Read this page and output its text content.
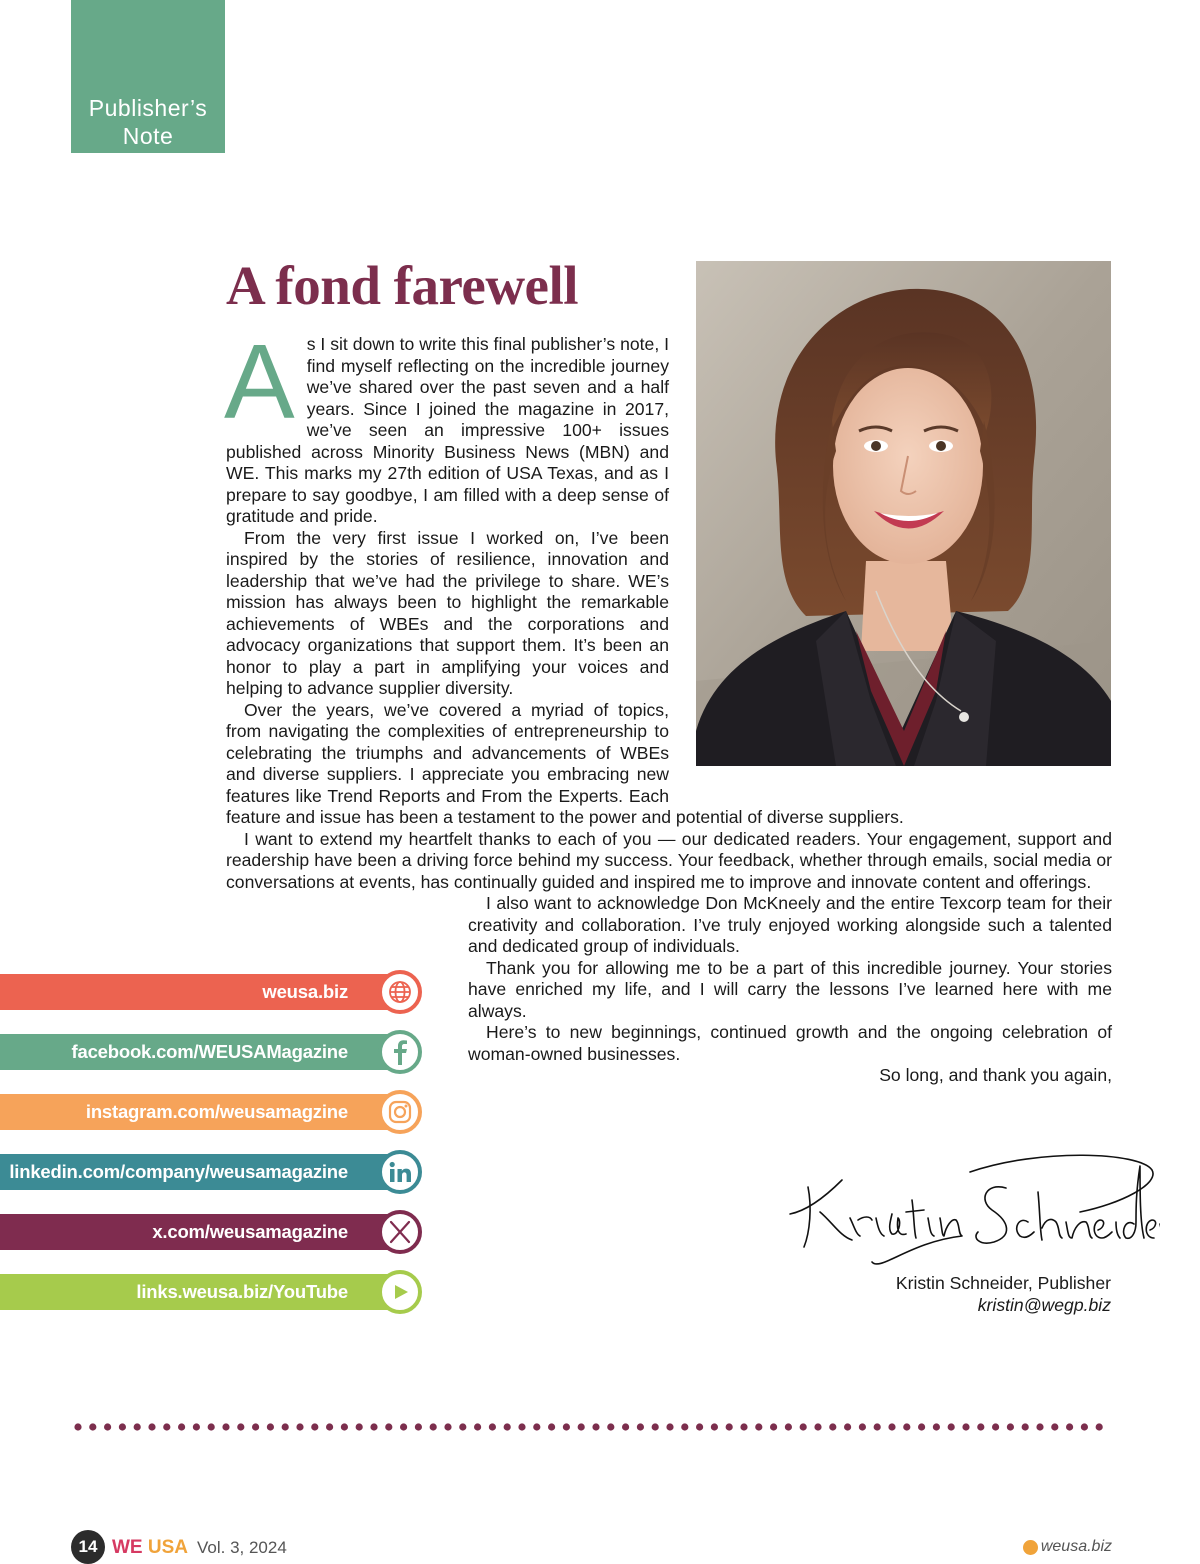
Publisher’s
Note
A fond farewell

As I sit down to write this final publisher’s note, I find myself reflecting on the incredible journey we’ve shared over the past seven and a half years. Since I joined the magazine in 2017, we’ve seen an impressive 100+ issues published across Minority Business News (MBN) and WE. This marks my 27th edition of USA Texas, and as I prepare to say goodbye, I am filled with a deep sense of gratitude and pride.

From the very first issue I worked on, I’ve been inspired by the stories of resilience, innovation and leadership that we’ve had the privilege to share. WE’s mission has always been to highlight the remarkable achievements of WBEs and the corporations and advocacy organizations that support them. It’s been an honor to play a part in amplifying your voices and helping to advance supplier diversity.

Over the years, we’ve covered a myriad of topics, from navigating the complexities of entrepreneurship to celebrating the triumphs and advancements of WBEs and diverse suppliers. I appreciate you embracing new features like Trend Reports and From the Experts. Each feature and issue has been a testament to the power and potential of diverse suppliers.

I want to extend my heartfelt thanks to each of you — our dedicated readers. Your engagement, support and readership have been a driving force behind my success. Your feedback, whether through emails, social media or conversations at events, has continually guided and inspired me to improve and innovate content and offerings.

I also want to acknowledge Don McKneely and the entire Texcorp team for their creativity and collaboration. I’ve truly enjoyed working alongside such a talented and dedicated group of individuals.

Thank you for allowing me to be a part of this incredible journey. Your stories have enriched my life, and I will carry the lessons I’ve learned here with me always.

Here’s to new beginnings, continued growth and the ongoing celebration of woman-owned businesses.

So long, and thank you again,

Kristin Schneider, Publisher
kristin@wegp.biz
weusa.biz
facebook.com/WEUSAMagazine
instagram.com/weusamagzine
linkedin.com/company/weusamagazine
x.com/weusamagazine
links.weusa.biz/YouTube
14 WE USA Vol. 3, 2024	weusa.biz
